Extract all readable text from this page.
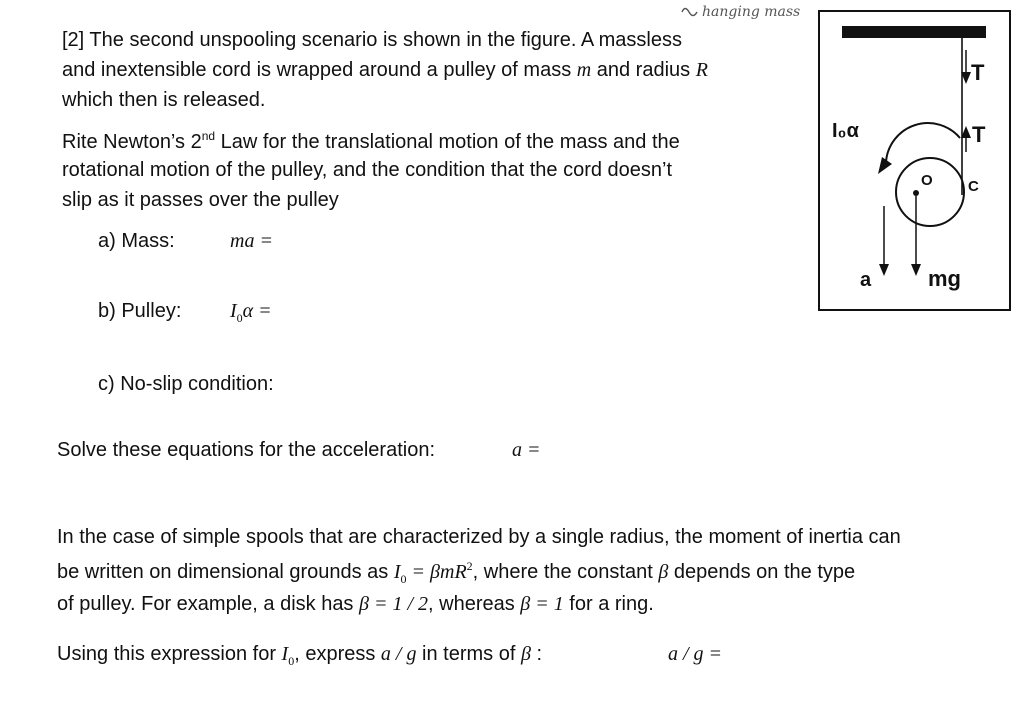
[2] The second unspooling scenario is shown in the figure. A massless
and inextensible cord is wrapped around a pulley of mass m and radius R
which then is released.
Rite Newton’s 2nd Law for the translational motion of the mass and the
rotational motion of the pulley, and the condition that the cord doesn’t
slip as it passes over the pulley
a) Mass:	ma =
b) Pulley: $I_0\alpha$ =
c) No-slip condition:
Solve these equations for the acceleration:	a =
In the case of simple spools that are characterized by a single radius, the moment of inertia can
be written on dimensional grounds as $I_0 = \beta mR^2$, where the constant β depends on the type
of pulley. For example, a disk has β = 1 / 2, whereas β = 1 for a ring.
Using this expression for $I_0$, express a / g in terms of β :	a / g =
hanging mass
T
T
I₀α
O C
a	mg
